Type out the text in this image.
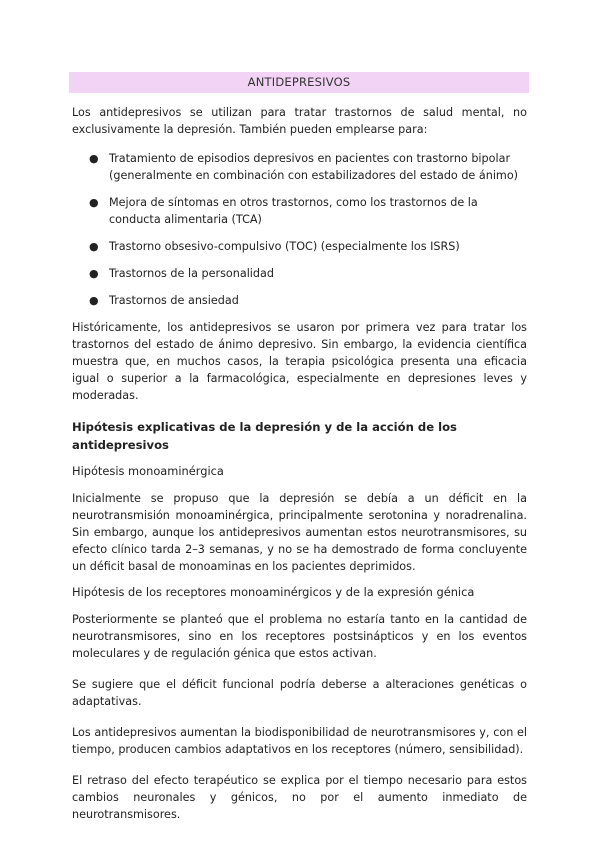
ANTIDEPRESIVOS

Los antidepresivos se utilizan para tratar trastornos de salud mental, no exclusivamente la depresión. También pueden emplearse para:

● Tratamiento de episodios depresivos en pacientes con trastorno bipolar (generalmente en combinación con estabilizadores del estado de ánimo)
● Mejora de síntomas en otros trastornos, como los trastornos de la conducta alimentaria (TCA)
● Trastorno obsesivo-compulsivo (TOC) (especialmente los ISRS)
● Trastornos de la personalidad
● Trastornos de ansiedad

Históricamente, los antidepresivos se usaron por primera vez para tratar los trastornos del estado de ánimo depresivo. Sin embargo, la evidencia científica muestra que, en muchos casos, la terapia psicológica presenta una eficacia igual o superior a la farmacológica, especialmente en depresiones leves y moderadas.

Hipótesis explicativas de la depresión y de la acción de los antidepresivos
Hipótesis monoaminérgica

Inicialmente se propuso que la depresión se debía a un déficit en la neurotransmisión monoaminérgica, principalmente serotonina y noradrenalina. Sin embargo, aunque los antidepresivos aumentan estos neurotransmisores, su efecto clínico tarda 2–3 semanas, y no se ha demostrado de forma concluyente un déficit basal de monoaminas en los pacientes deprimidos.

Hipótesis de los receptores monoaminérgicos y de la expresión génica

Posteriormente se planteó que el problema no estaría tanto en la cantidad de neurotransmisores, sino en los receptores postsinápticos y en los eventos moleculares y de regulación génica que estos activan.

Se sugiere que el déficit funcional podría deberse a alteraciones genéticas o adaptativas.

Los antidepresivos aumentan la biodisponibilidad de neurotransmisores y, con el tiempo, producen cambios adaptativos en los receptores (número, sensibilidad).

El retraso del efecto terapéutico se explica por el tiempo necesario para estos cambios neuronales y génicos, no por el aumento inmediato de neurotransmisores.
